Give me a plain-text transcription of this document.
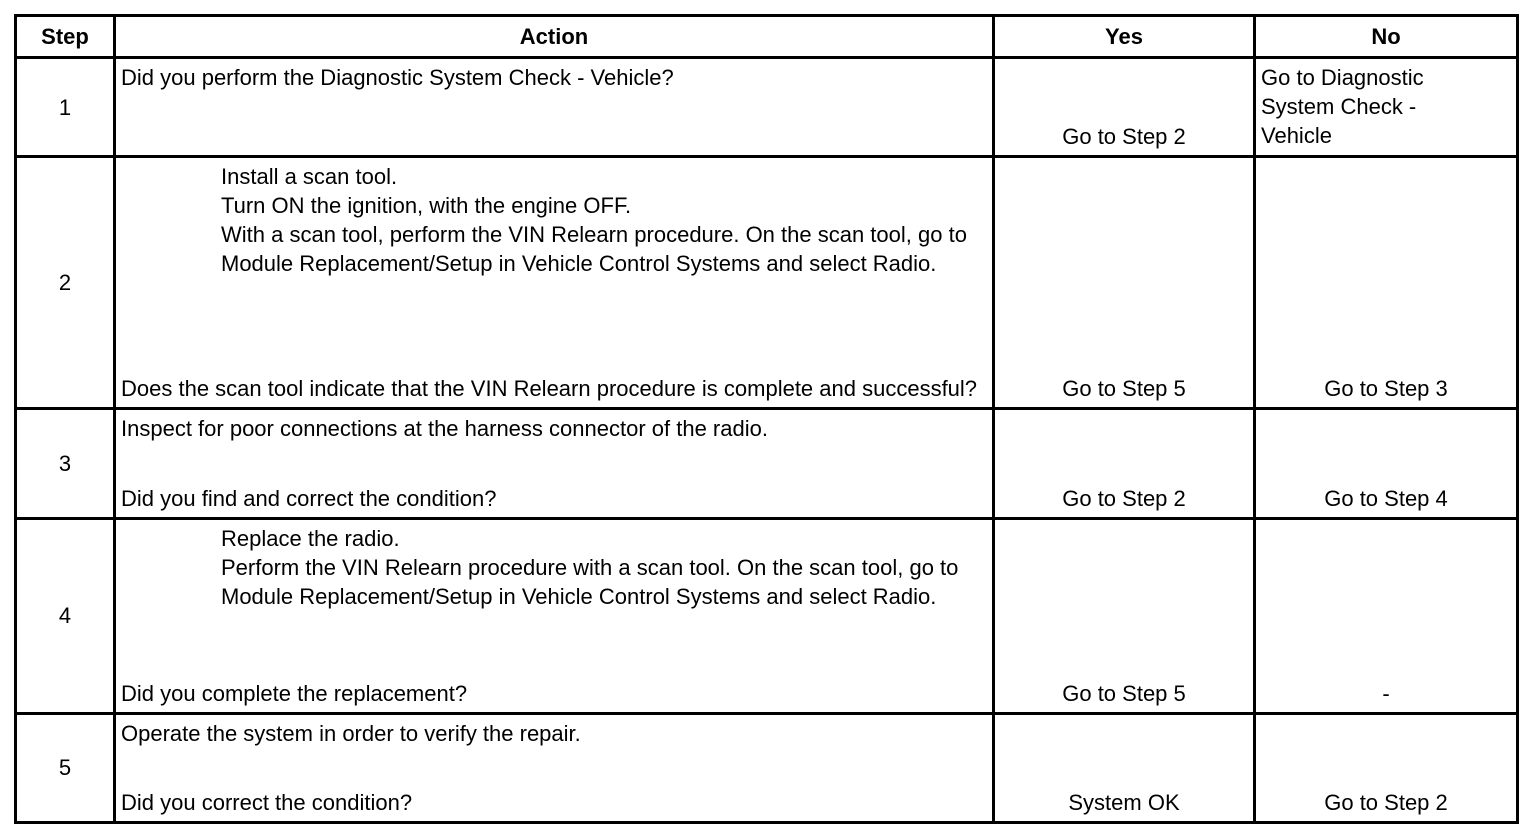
Step	Action	Yes	No
1	Did you perform the Diagnostic System Check - Vehicle?	Go to Step 2	Go to Diagnostic System Check - Vehicle

2	Install a scan tool.
Turn ON the ignition, with the engine OFF.
With a scan tool, perform the VIN Relearn procedure. On the scan tool, go to Module Replacement/Setup in Vehicle Control Systems and select Radio.
Does the scan tool indicate that the VIN Relearn procedure is complete and successful?	Go to Step 5	Go to Step 3
3	Inspect for poor connections at the harness connector of the radio.
Did you find and correct the condition?	Go to Step 2	Go to Step 4
4	Replace the radio.
Perform the VIN Relearn procedure with a scan tool. On the scan tool, go to Module Replacement/Setup in Vehicle Control Systems and select Radio.
Did you complete the replacement?	Go to Step 5	-
5	Operate the system in order to verify the repair.
Did you correct the condition?	System OK	Go to Step 2
